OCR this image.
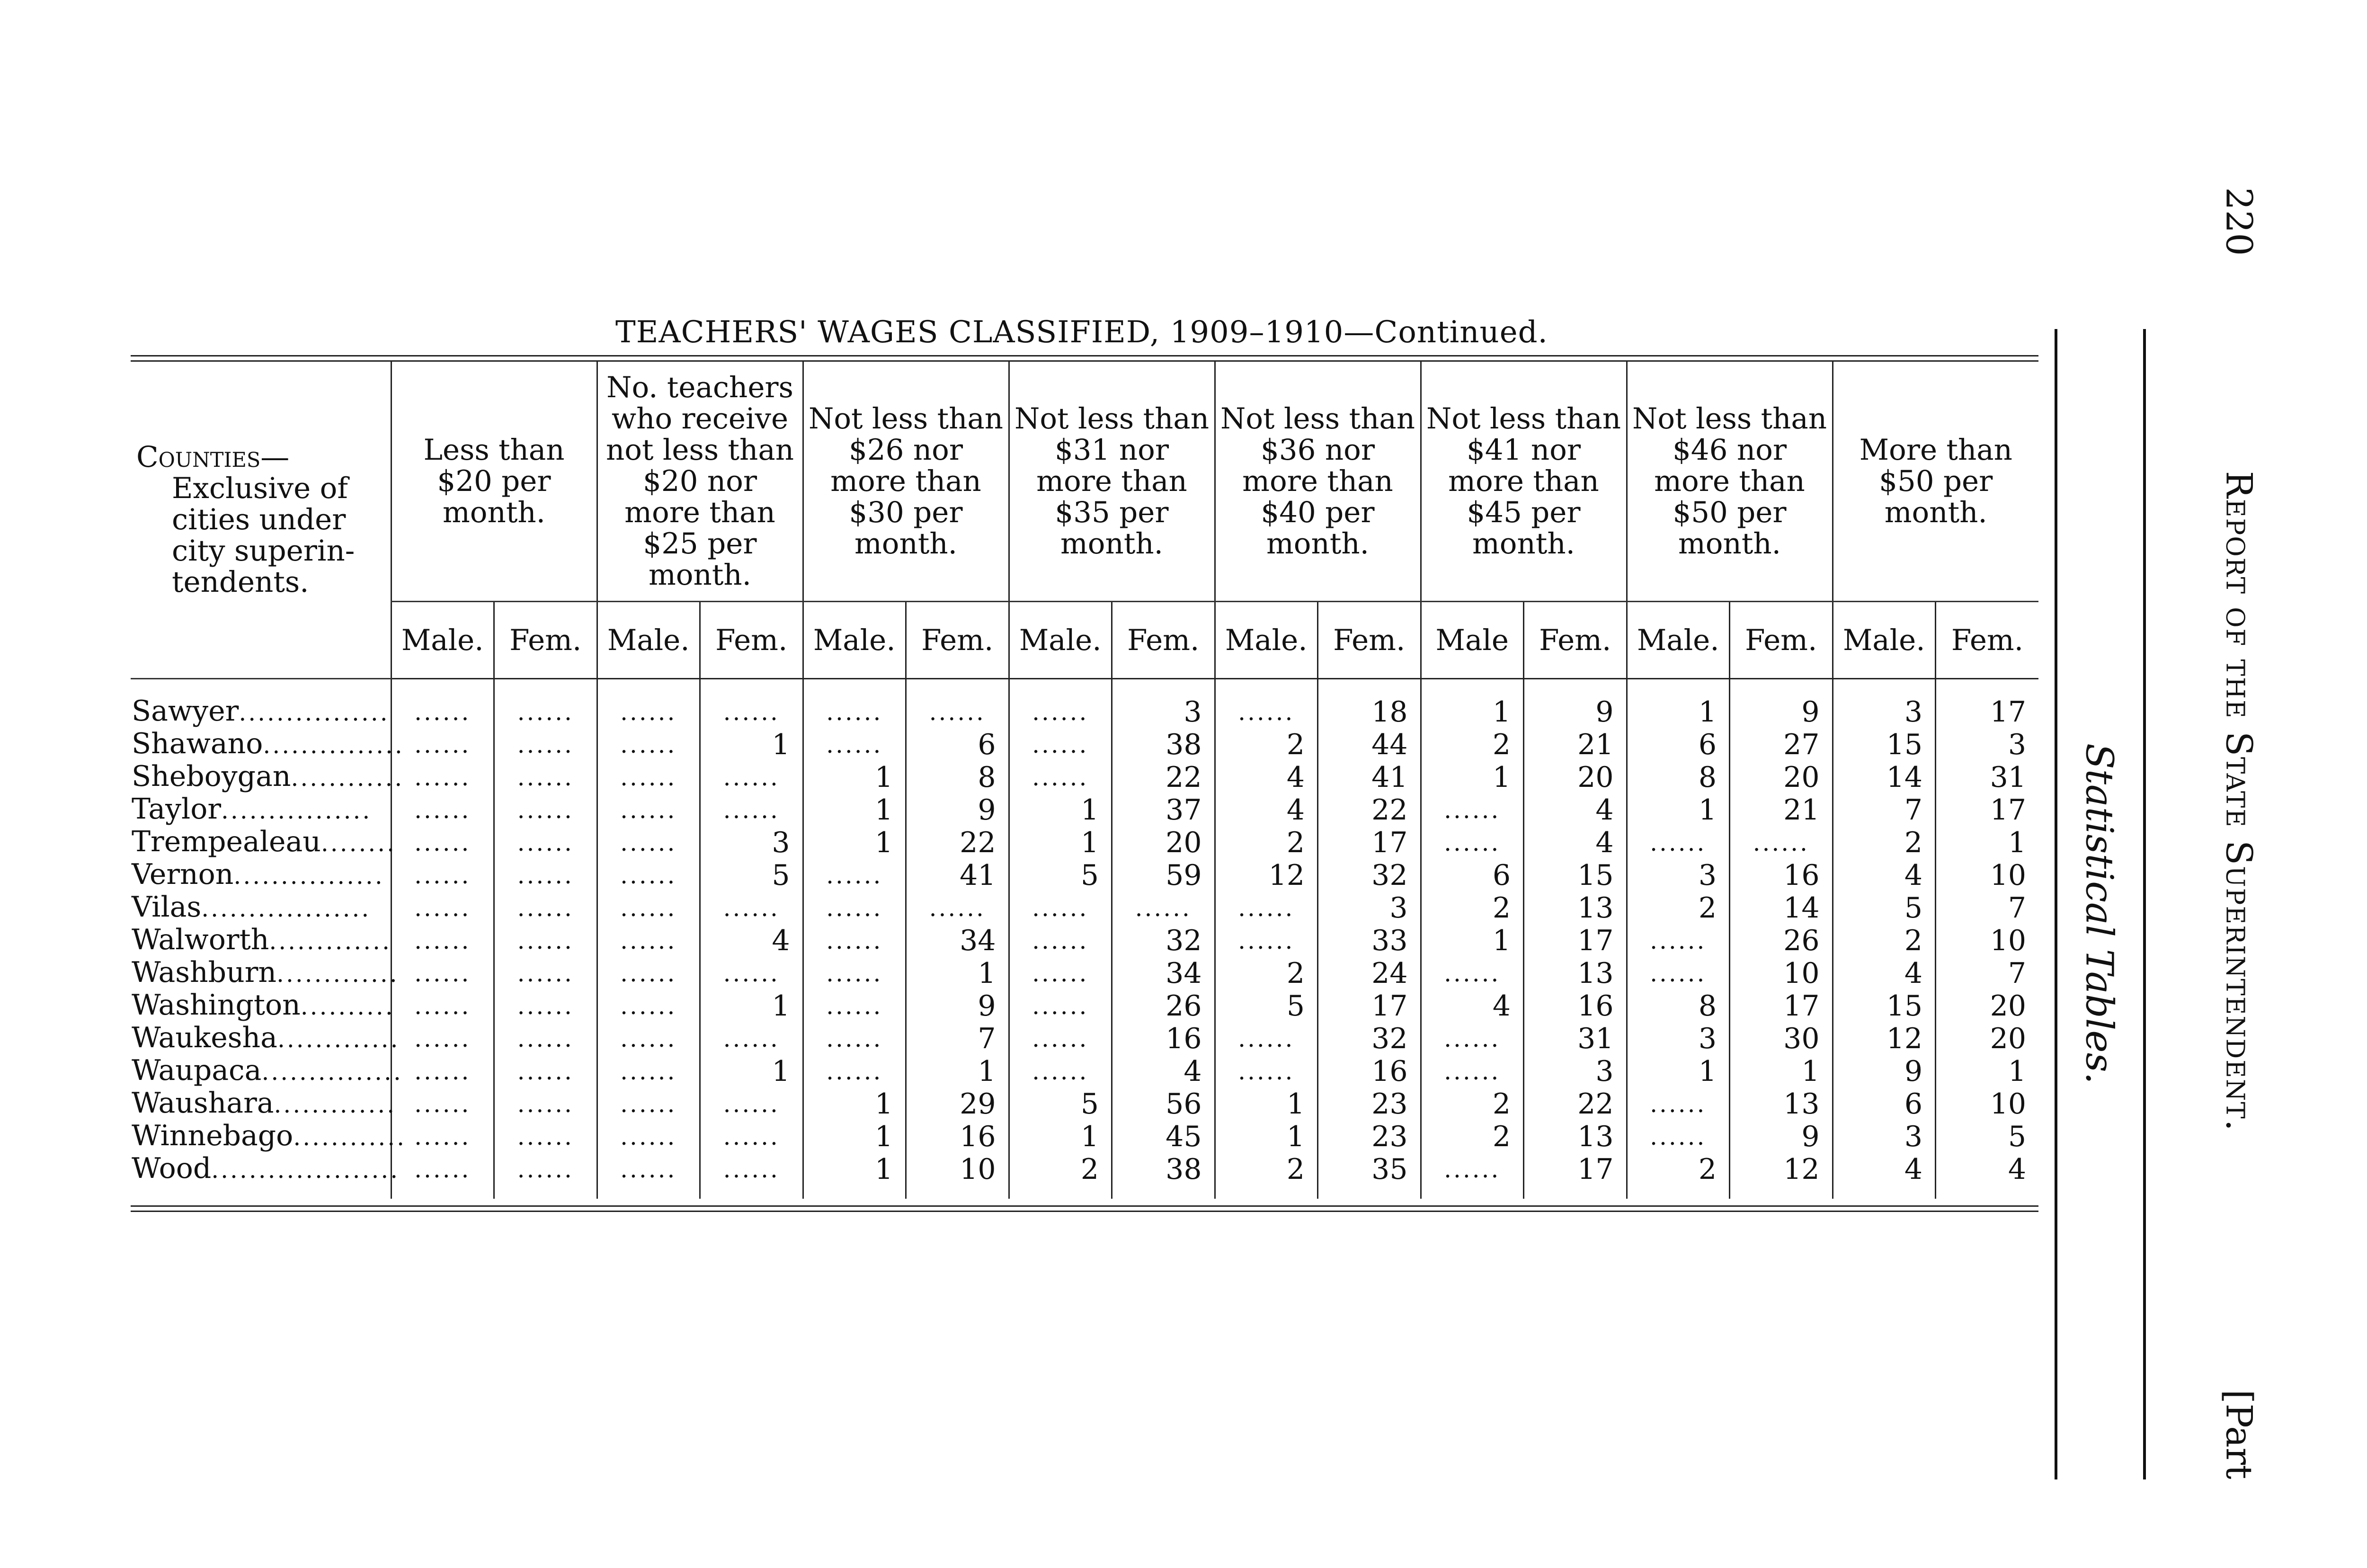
TEACHERS' WAGES CLASSIFIED, 1909–1910—Continued.
Counties—
Exclusive of cities under city superin-tendents.	Less than $20 per month.		No. teachers who receive not less than $20 nor more than $25 per month.		Not less than $26 nor more than $30 per month.		Not less than $31 nor more than $35 per month.		Not less than $36 nor more than $40 per month.		Not less than $41 nor more than $45 per month.		Not less than $46 nor more than $50 per month.		More than $50 per month.	
	Male.	Fem.	Male.	Fem.	Male.	Fem.	Male.	Fem.	Male.	Fem.	Male	Fem.	Male.	Fem.	Male.	Fem.
Sawyer................	......	......	......	......	......	......	......	3	......	18	1	9	1	9	3	17
Shawano...............	......	......	......	1	......	6	......	38	2	44	2	21	6	27	15	3
Sheboygan............	......	......	......	......	1	8	......	22	4	41	1	20	8	20	14	31
Taylor................	......	......	......	......	1	9	1	37	4	22	......	4	1	21	7	17
Trempealeau........	......	......	......	3	1	22	1	20	2	17	......	4	......	......	2	1
Vernon................	......	......	......	5	......	41	5	59	12	32	6	15	3	16	4	10
Vilas..................	......	......	......	......	......	......	......	......	......	3	2	13	2	14	5	7
Walworth.............	......	......	......	4	......	34	......	32	......	33	1	17	......	26	2	10
Washburn.............	......	......	......	......	......	1	......	34	2	24	......	13	......	10	4	7
Washington..........	......	......	......	1	......	9	......	26	5	17	4	16	8	17	15	20
Waukesha.............	......	......	......	......	......	7	......	16	......	32	......	31	3	30	12	20
Waupaca...............	......	......	......	1	......	1	......	4	......	16	......	3	1	1	9	1
Waushara.............	......	......	......	......	1	29	5	56	1	23	2	22	......	13	6	10
Winnebago............	......	......	......	......	1	16	1	45	1	23	2	13	......	9	3	5
Wood....................	......	......	......	......	1	10	2	38	2	35	......	17	2	12	4	4
Statistical Tables.
220 Report of the State Superintendent. [Part
